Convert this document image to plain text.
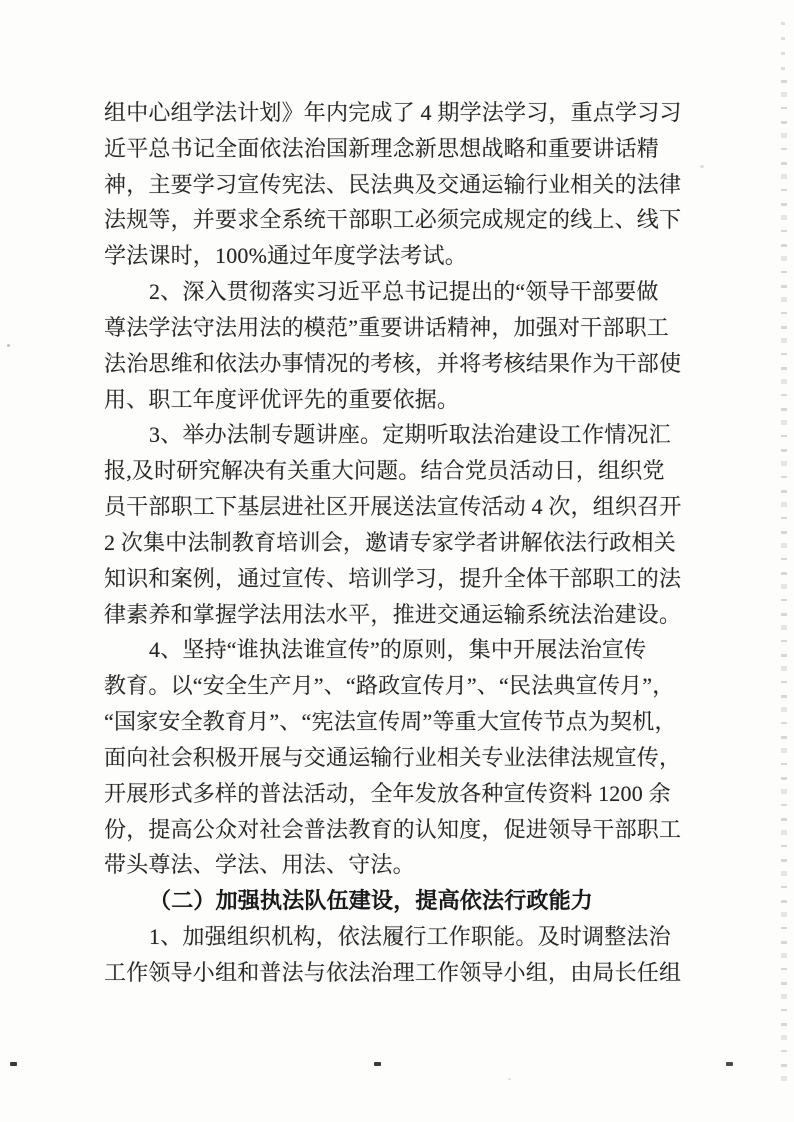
组中心组学法计划》年内完成了 4 期学法学习，重点学习习
近平总书记全面依法治国新理念新思想战略和重要讲话精
神，主要学习宣传宪法、民法典及交通运输行业相关的法律
法规等，并要求全系统干部职工必须完成规定的线上、线下
学法课时，100%通过年度学法考试。
2、深入贯彻落实习近平总书记提出的“领导干部要做
尊法学法守法用法的模范”重要讲话精神，加强对干部职工
法治思维和依法办事情况的考核，并将考核结果作为干部使
用、职工年度评优评先的重要依据。
3、举办法制专题讲座。定期听取法治建设工作情况汇
报,及时研究解决有关重大问题。结合党员活动日，组织党
员干部职工下基层进社区开展送法宣传活动 4 次，组织召开
2 次集中法制教育培训会，邀请专家学者讲解依法行政相关
知识和案例，通过宣传、培训学习，提升全体干部职工的法
律素养和掌握学法用法水平，推进交通运输系统法治建设。
4、坚持“谁执法谁宣传”的原则，集中开展法治宣传
教育。以“安全生产月”、“路政宣传月”、“民法典宣传月”，
“国家安全教育月”、“宪法宣传周”等重大宣传节点为契机，
面向社会积极开展与交通运输行业相关专业法律法规宣传，
开展形式多样的普法活动，全年发放各种宣传资料 1200 余
份，提高公众对社会普法教育的认知度，促进领导干部职工
带头尊法、学法、用法、守法。
（二）加强执法队伍建设，提高依法行政能力
1、加强组织机构，依法履行工作职能。及时调整法治
工作领导小组和普法与依法治理工作领导小组，由局长任组
